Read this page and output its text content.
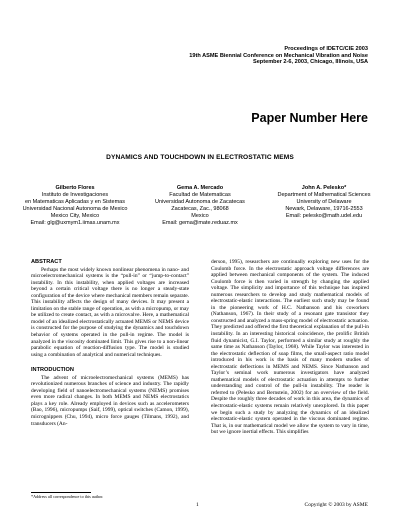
Proceedings of IDETC/CIE 2003
19th ASME Biennial Conference on Mechanical Vibration and Noise
September 2-6, 2003, Chicago, Illinois, USA
Paper Number Here
DYNAMICS AND TOUCHDOWN IN ELECTROSTATIC MEMS
Gilberto Flores
Instituto de Investigaciones
en Matematicas Aplicadas y en Sistemas
Universidad Nacional Autonoma de Mexico
Mexico City, Mexico
Email: glg@uxmym1.iimas.unam.mx
Gema A. Mercado
Facultad de Matematicas
Universidad Autonoma de Zacatecas
Zacatecas, Zac., 98068
Mexico
Email: gema@mate.reduaz.mx
John A. Pelesko*
Department of Mathematical Sciences
University of Delaware
Newark, Delaware, 19716-2553
Email: pelesko@math.udel.edu
ABSTRACT

Perhaps the most widely known nonlinear phenomena in nano- and microelectromechanical systems is the “pull-in” or “jump-to-contact” instability. In this instability, when applied voltages are increased beyond a certain critical voltage there is no longer a steady-state configuration of the device where mechanical members remain separate. This instability affects the design of many devices. It may present a limitation on the stable range of operation, as with a micropump, or may be utilized to create contact, as with a microvalve. Here, a mathematical model of an idealized electrostatically actuated MEMS or NEMS device is constructed for the purpose of studying the dynamics and touchdown behavior of systems operated in the pull-in regime. The model is analyzed in the viscosity dominated limit. This gives rise to a non-linear parabolic equation of reaction-diffusion type. The model is studied using a combination of analytical and numerical techniques.

INTRODUCTION

The advent of microelectromechanical systems (MEMS) has revolutionized numerous branches of science and industry. The rapidly developing field of nanoelectromechanical systems (NEMS) promises even more radical changes. In both MEMS and NEMS electrostatics plays a key role. Already employed in devices such as accelerometers (Bao, 1996), micropumps (Saif, 1999), optical switches (Camon, 1999), micrognippers (Chu, 1994), micro force gauges (Tilmans, 1992), and transducers (An-

derson, 1995), researchers are continually exploring new uses for the Coulomb force. In the electrostatic approach voltage differences are applied between mechanical components of the system. The induced Coulomb force is then varied in strength by changing the applied voltage. The simplicity and importance of this technique has inspired numerous researchers to develop and study mathematical models of electrostatic-elastic interactions. The earliest such study may be found in the pioneering work of H.C. Nathanson and his coworkers (Nathanson, 1967). In their study of a resonant gate transistor they constructed and analyzed a mass-spring model of electrostatic actuation. They predicted and offered the first theoretical explanation of the pull-in instability. In an interesting historical coincidence, the prolific British fluid dynamicist, G.I. Taylor, performed a similar study at roughly the same time as Nathanson (Taylor, 1968). While Taylor was interested in the electrostatic deflection of soap films, the small-aspect ratio model introduced in his work is the basis of many modern studies of electrostatic deflections in MEMS and NEMS. Since Nathanson and Taylor’s seminal work numerous investigators have analyzed mathematical models of electrostatic actuation in attempts to further understanding and control of the pull-in instability. The reader is referred to (Pelesko and Bernstein, 2002) for an overview of the field. Despite the roughly three decades of work in this area, the dynamics of electrostatic-elastic systems remain relatively unexplored. In this paper we begin such a study by analyzing the dynamics of an idealized electrostatic-elastic system operated in the viscous dominated regime. That is, in our mathematical model we allow the system to vary in time, but we ignore inertial effects. This simplifies

*Address all correspondence to this author.
1	Copyright © 2003 by ASME
